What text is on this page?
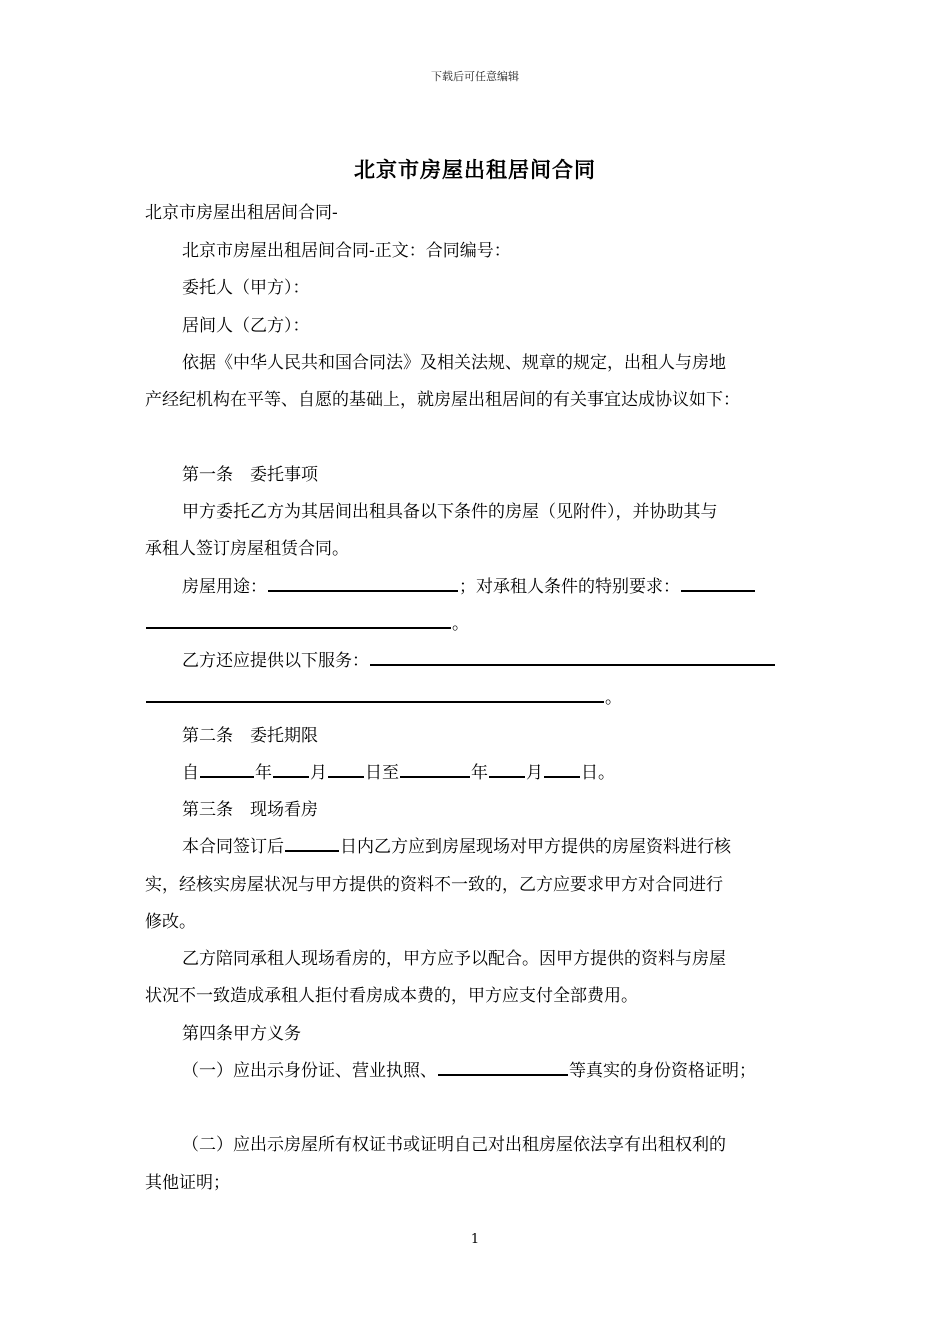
下载后可任意编辑
北京市房屋出租居间合同
北京市房屋出租居间合同-
北京市房屋出租居间合同-正文：合同编号：
委托人（甲方）：
居间人（乙方）：
依据《中华人民共和国合同法》及相关法规、规章的规定，出租人与房地
产经纪机构在平等、自愿的基础上，就房屋出租居间的有关事宜达成协议如下：
第一条　委托事项
甲方委托乙方为其居间出租具备以下条件的房屋（见附件），并协助其与
承租人签订房屋租赁合同。
房屋用途：	；对承租人条件的特别要求：
。
乙方还应提供以下服务：
。
第二条　委托期限
自	年 月 日至	年 月 日。
第三条　现场看房
本合同签订后	日内乙方应到房屋现场对甲方提供的房屋资料进行核
实，经核实房屋状况与甲方提供的资料不一致的，乙方应要求甲方对合同进行
修改。
乙方陪同承租人现场看房的，甲方应予以配合。因甲方提供的资料与房屋
状况不一致造成承租人拒付看房成本费的，甲方应支付全部费用。
第四条甲方义务
（一）应出示身份证、营业执照、	等真实的身份资格证明；
（二）应出示房屋所有权证书或证明自己对出租房屋依法享有出租权利的
其他证明；
1
